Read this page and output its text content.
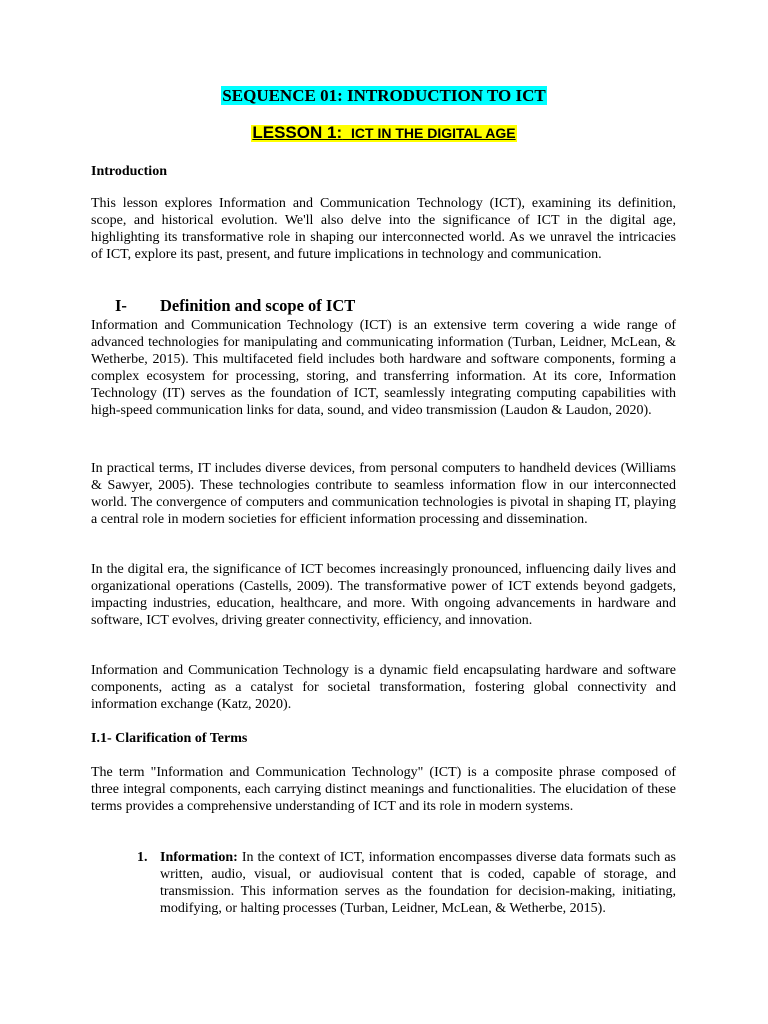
SEQUENCE 01: INTRODUCTION TO ICT
LESSON 1: ICT IN THE DIGITAL AGE
Introduction
This lesson explores Information and Communication Technology (ICT), examining its definition, scope, and historical evolution. We'll also delve into the significance of ICT in the digital age, highlighting its transformative role in shaping our interconnected world. As we unravel the intricacies of ICT, explore its past, present, and future implications in technology and communication.
I- Definition and scope of ICT
Information and Communication Technology (ICT) is an extensive term covering a wide range of advanced technologies for manipulating and communicating information (Turban, Leidner, McLean, & Wetherbe, 2015). This multifaceted field includes both hardware and software components, forming a complex ecosystem for processing, storing, and transferring information. At its core, Information Technology (IT) serves as the foundation of ICT, seamlessly integrating computing capabilities with high-speed communication links for data, sound, and video transmission (Laudon & Laudon, 2020).
In practical terms, IT includes diverse devices, from personal computers to handheld devices (Williams & Sawyer, 2005). These technologies contribute to seamless information flow in our interconnected world. The convergence of computers and communication technologies is pivotal in shaping IT, playing a central role in modern societies for efficient information processing and dissemination.
In the digital era, the significance of ICT becomes increasingly pronounced, influencing daily lives and organizational operations (Castells, 2009). The transformative power of ICT extends beyond gadgets, impacting industries, education, healthcare, and more. With ongoing advancements in hardware and software, ICT evolves, driving greater connectivity, efficiency, and innovation.
Information and Communication Technology is a dynamic field encapsulating hardware and software components, acting as a catalyst for societal transformation, fostering global connectivity and information exchange (Katz, 2020).
I.1- Clarification of Terms
The term "Information and Communication Technology" (ICT) is a composite phrase composed of three integral components, each carrying distinct meanings and functionalities. The elucidation of these terms provides a comprehensive understanding of ICT and its role in modern systems.
1. Information: In the context of ICT, information encompasses diverse data formats such as written, audio, visual, or audiovisual content that is coded, capable of storage, and transmission. This information serves as the foundation for decision-making, initiating, modifying, or halting processes (Turban, Leidner, McLean, & Wetherbe, 2015).
